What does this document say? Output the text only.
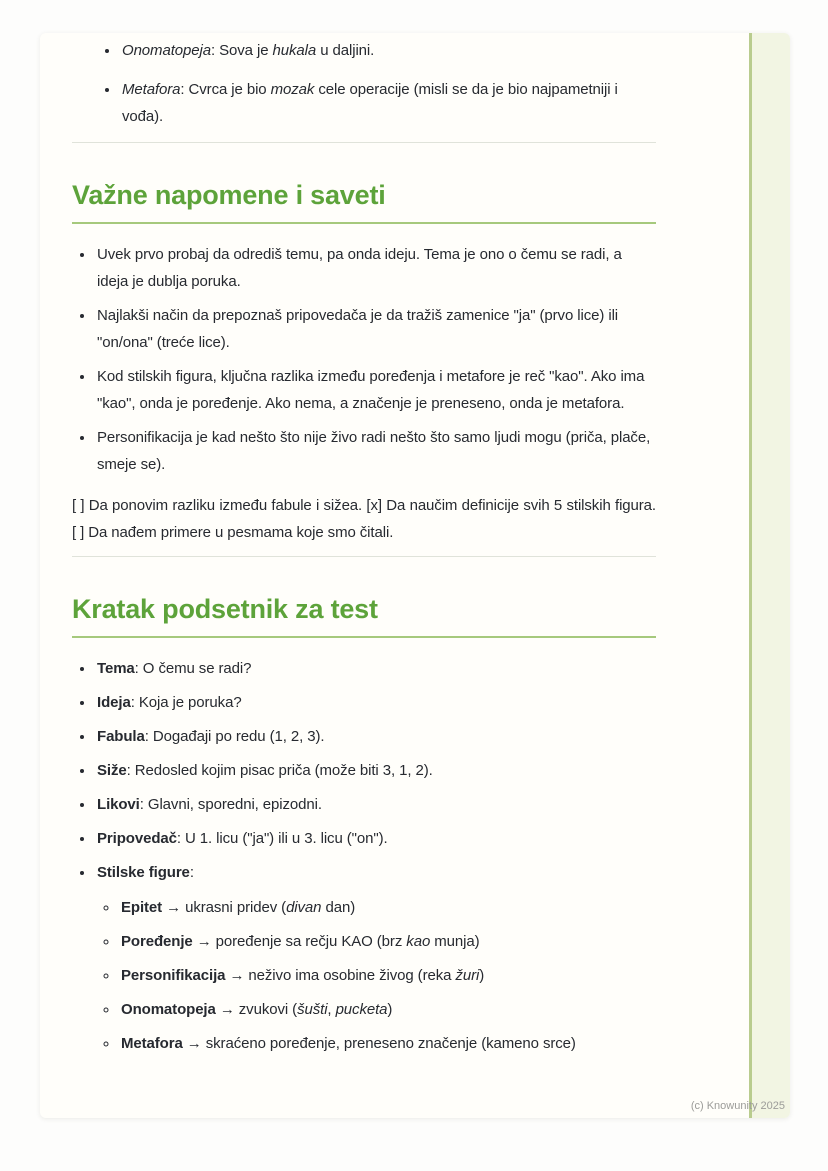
• Onomatopeja: Sova je hukala u daljini.
• Metafora: Cvrca je bio mozak cele operacije (misli se da je bio najpametniji i vođa).
Važne napomene i saveti
• Uvek prvo probaj da odrediš temu, pa onda ideju. Tema je ono o čemu se radi, a ideja je dublja poruka.
• Najlakši način da prepoznaš pripovedača je da tražiš zamenice "ja" (prvo lice) ili "on/ona" (treće lice).
• Kod stilskih figura, ključna razlika između poređenja i metafore je reč "kao". Ako ima "kao", onda je poređenje. Ako nema, a značenje je preneseno, onda je metafora.
• Personifikacija je kad nešto što nije živo radi nešto što samo ljudi mogu (priča, plače, smeje se).

[ ] Da ponovim razliku između fabule i sižea. [x] Da naučim definicije svih 5 stilskih figura. [ ] Da nađem primere u pesmama koje smo čitali.

Kratak podsetnik za test
• Tema: O čemu se radi?
• Ideja: Koja je poruka?
• Fabula: Događaji po redu (1, 2, 3).
• Siže: Redosled kojim pisac priča (može biti 3, 1, 2).
• Likovi: Glavni, sporedni, epizodni.
• Pripovedač: U 1. licu ("ja") ili u 3. licu ("on").
• Stilske figure:
◦ Epitet → ukrasni pridev (divan dan)
◦ Poređenje → poređenje sa rečju KAO (brz kao munja)
◦ Personifikacija → neživo ima osobine živog (reka žuri)
◦ Onomatopeja → zvukovi (šušti, pucketa)
◦ Metafora → skraćeno poređenje, preneseno značenje (kameno srce)
(c) Knowunity 2025
